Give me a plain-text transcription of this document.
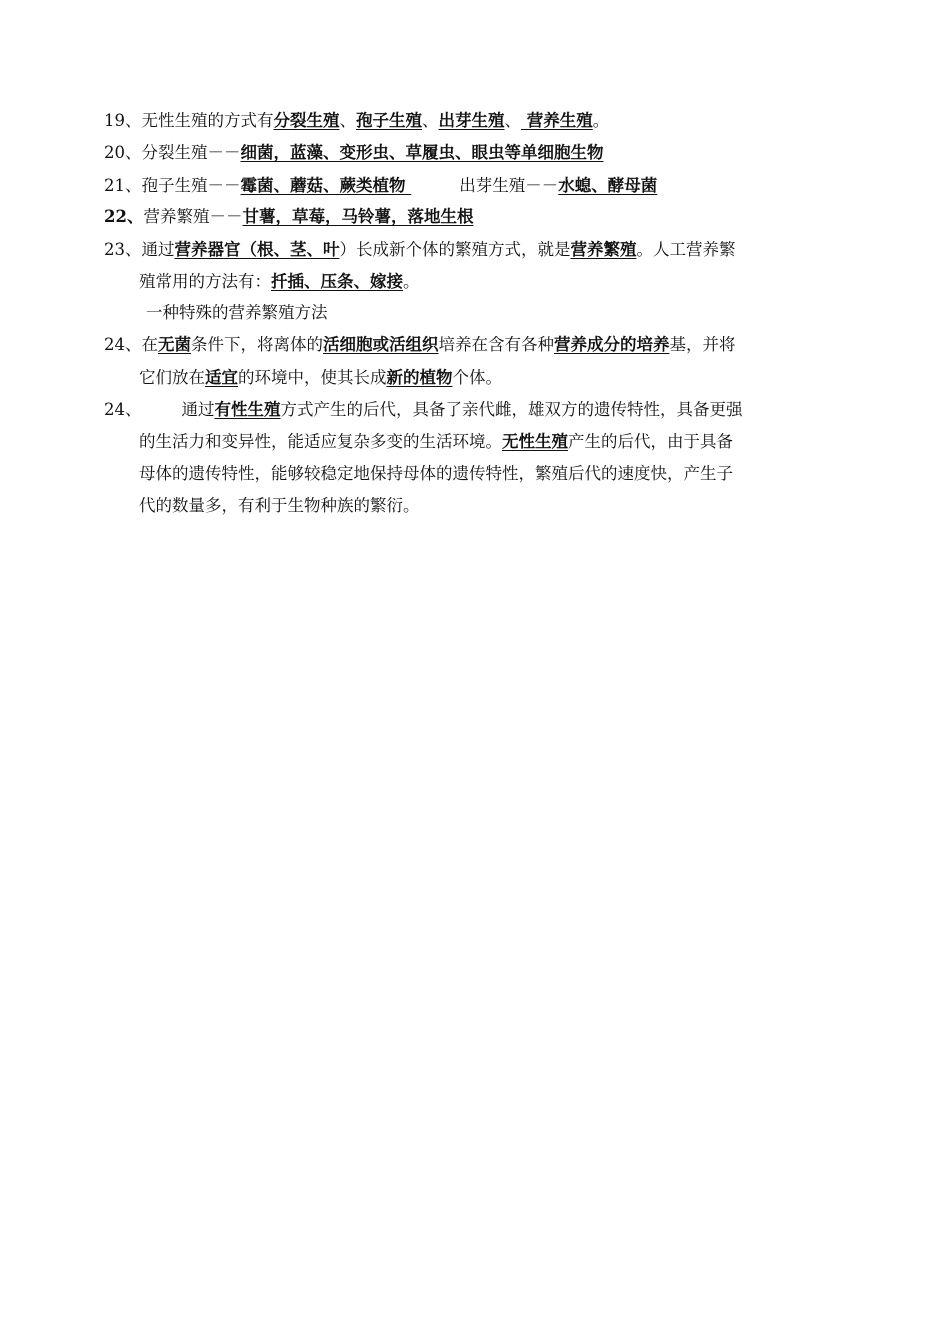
19、无性生殖的方式有分裂生殖、孢子生殖、出芽生殖、 营养生殖。
20、分裂生殖－－细菌，蓝藻、变形虫、草履虫、眼虫等单细胞生物
21、孢子生殖－－霉菌、蘑菇、蕨类植物	出芽生殖－－水螅、酵母菌
22、营养繁殖－－甘薯，草莓，马铃薯，落地生根
23、通过营养器官（根、茎、叶）长成新个体的繁殖方式，就是营养繁殖。人工营养繁
殖常用的方法有：扦插、压条、嫁接。
一种特殊的营养繁殖方法
24、在无菌条件下，将离体的活细胞或活组织培养在含有各种营养成分的培养基，并将
它们放在适宜的环境中，使其长成新的植物个体。
24、 通过有性生殖方式产生的后代，具备了亲代雌，雄双方的遗传特性，具备更强
的生活力和变异性，能适应复杂多变的生活环境。无性生殖产生的后代，由于具备
母体的遗传特性，能够较稳定地保持母体的遗传特性，繁殖后代的速度快，产生子
代的数量多，有利于生物种族的繁衍。
